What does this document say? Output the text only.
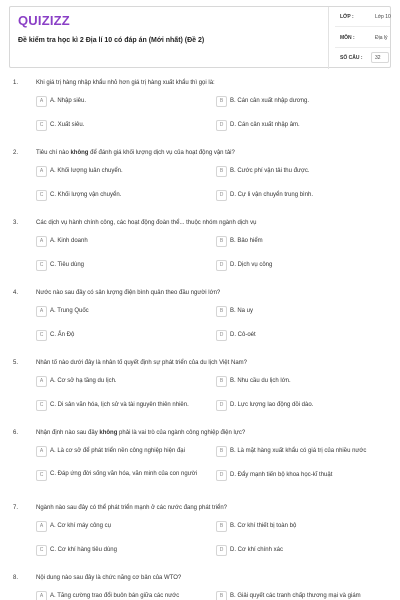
QUIZIZZ
Đề kiểm tra học kì 2 Địa lí 10 có đáp án (Mới nhất) (Đề 2)
LỚP :	Lớp 10
MÔN :	Địa lý
SỐ CÂU :	32
1.	Khi giá trị hàng nhập khẩu nhỏ hơn giá trị hàng xuất khẩu thì gọi là:
A	A. Nhập siêu.	B	B. Cán cân xuất nhập dương.
C	C. Xuất siêu.	D	D. Cán cân xuất nhập âm.
2.	Tiêu chí nào không để đánh giá khối lượng dịch vụ của hoạt động vận tải?
A	A. Khối lượng luân chuyển.	B	B. Cước phí vận tải thu được.
C	C. Khối lượng vận chuyển.	D	D. Cự li vận chuyển trung bình.
3.	Các dịch vụ hành chính công, các hoạt động đoàn thể... thuộc nhóm ngành dịch vụ
A	A. Kinh doanh	B	B. Bảo hiểm
C	C. Tiêu dùng	D	D. Dịch vụ công
4.	Nước nào sau đây có sản lượng điện bình quân theo đầu người lớn?
A	A. Trung Quốc	B	B. Na uy
C	C. Ấn Độ	D	D. Cô-oét
5.	Nhân tố nào dưới đây là nhân tố quyết định sự phát triển của du lịch Việt Nam?
A	A. Cơ sở hạ tầng du lịch.	B	B. Nhu cầu du lịch lớn.
C	C. Di sản văn hóa, lịch sử và tài nguyên thiên nhiên.	D	D. Lực lượng lao động dồi dào.
6.	Nhận định nào sau đây không phải là vai trò của ngành công nghiệp điện lực?
A	A. Là cơ sở để phát triển nền công nghiệp hiện đại	B	B. Là mặt hàng xuất khẩu có giá trị của nhiều nước
C	C. Đáp ứng đời sống văn hóa, văn minh của con người	D	D. Đẩy mạnh tiến bộ khoa học-kĩ thuật
7.	Ngành nào sau đây có thể phát triển mạnh ở các nước đang phát triển?
A	A. Cơ khí máy công cụ	B	B. Cơ khí thiết bị toàn bộ
C	C. Cơ khí hàng tiêu dùng	D	D. Cơ khí chính xác
8.	Nội dung nào sau đây là chức năng cơ bản của WTO?
A	A. Tăng cường trao đổi buôn bán giữa các nước	B	B. Giải quyết các tranh chấp thương mại và giám
